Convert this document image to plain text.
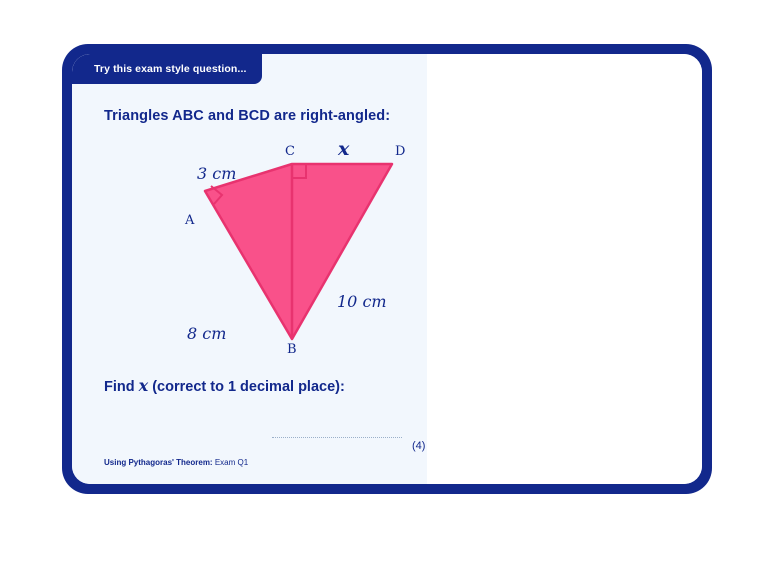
Try this exam style question...
Triangles ABC and BCD are right-angled:
A
B
C	D
3 cm
8 cm
10 cm
x
Find x (correct to 1 decimal place):
(4)
Using Pythagoras' Theorem: Exam Q1
